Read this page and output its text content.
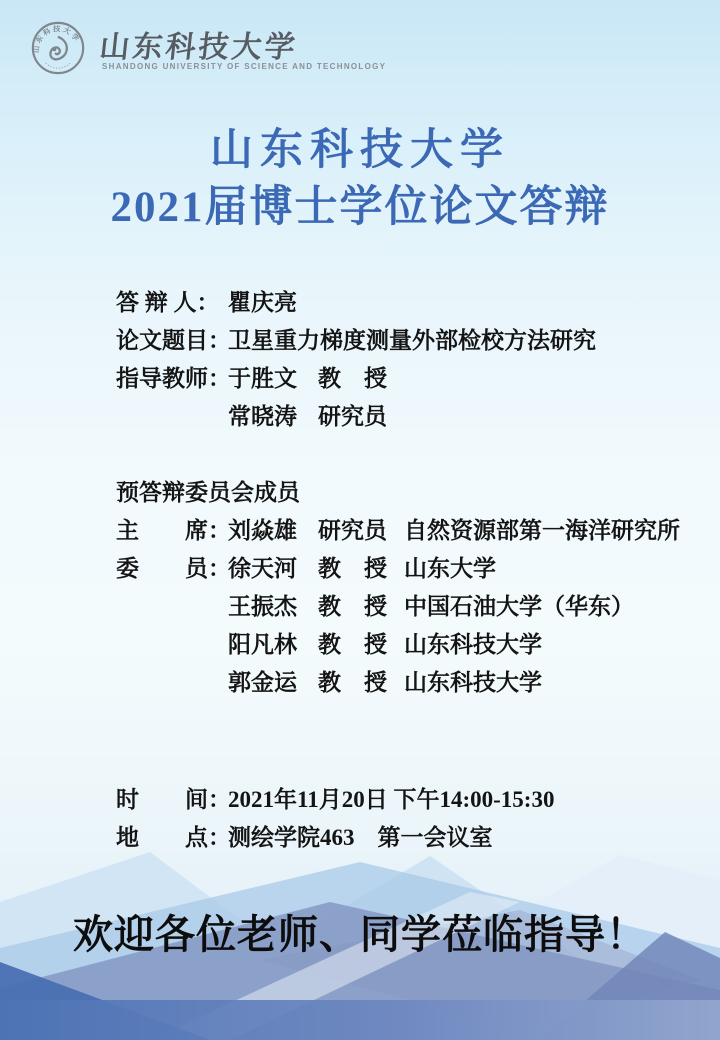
山东科技大学 山东科技大学
SHANDONG UNIVERSITY OF SCIENCE AND TECHNOLOGY
山东科技大学
2021届博士学位论文答辩
答 辩 人： 瞿庆亮
论文题目：
卫星重力梯度测量外部检校方法研究
指导教师：
于胜文 教　授
常晓涛 研究员
预答辩委员会成员
主　　席：
刘焱雄 研究员 自然资源部第一海洋研究所
委　　员：
徐天河 教　授 山东大学
王振杰 教　授 中国石油大学（华东）
阳凡林 教　授 山东科技大学
郭金运 教　授 山东科技大学
时　　间：
2021年11月20日 下午14:00-15:30
地　　点：
测绘学院463　第一会议室
欢迎各位老师、同学莅临指导！
